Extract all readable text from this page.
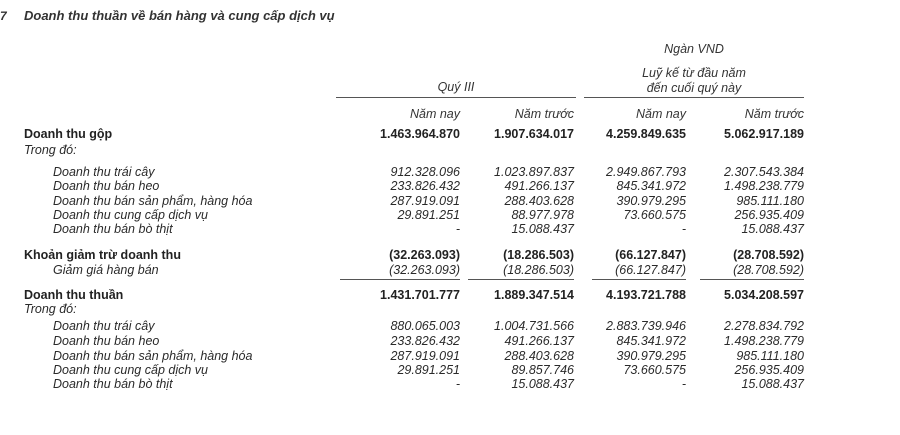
7 Doanh thu thuần về bán hàng và cung cấp dịch vụ
Ngàn VND
Luỹ kế từ đầu năm
đến cuối quý này
Quý III
Năm nay	Năm trước	Năm nay	Năm trước
Doanh thu gộp	1.463.964.870	1.907.634.017	4.259.849.635	5.062.917.189
Trong đó:
Doanh thu trái cây	912.328.096	1.023.897.837	2.949.867.793	2.307.543.384
Doanh thu bán heo	233.826.432	491.266.137	845.341.972	1.498.238.779
Doanh thu bán sản phẩm, hàng hóa	287.919.091	288.403.628	390.979.295	985.111.180
Doanh thu cung cấp dịch vụ	29.891.251	88.977.978	73.660.575	256.935.409
Doanh thu bán bò thịt	-	15.088.437	-	15.088.437
Khoản giảm trừ doanh thu	(32.263.093)	(18.286.503)	(66.127.847)	(28.708.592)
Giảm giá hàng bán	(32.263.093)	(18.286.503)	(66.127.847)	(28.708.592)
Doanh thu thuần	1.431.701.777	1.889.347.514	4.193.721.788	5.034.208.597
Trong đó:
Doanh thu trái cây	880.065.003	1.004.731.566	2.883.739.946	2.278.834.792
Doanh thu bán heo	233.826.432	491.266.137	845.341.972	1.498.238.779
Doanh thu bán sản phẩm, hàng hóa	287.919.091	288.403.628	390.979.295	985.111.180
Doanh thu cung cấp dịch vụ	29.891.251	89.857.746	73.660.575	256.935.409
Doanh thu bán bò thịt	-	15.088.437	-	15.088.437
